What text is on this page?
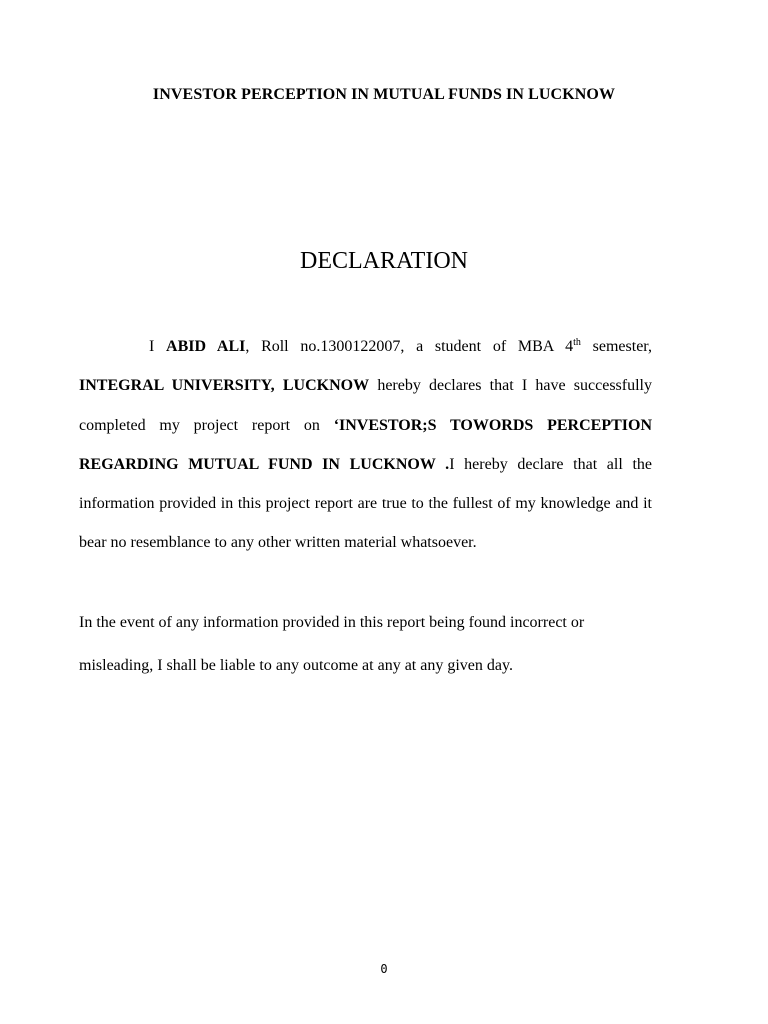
INVESTOR PERCEPTION IN MUTUAL FUNDS IN LUCKNOW
DECLARATION

I ABID ALI, Roll no.1300122007, a student of MBA 4th semester, INTEGRAL UNIVERSITY, LUCKNOW hereby declares that I have successfully completed my project report on ‘INVESTOR;S TOWORDS PERCEPTION REGARDING MUTUAL FUND IN LUCKNOW .I hereby declare that all the information provided in this project report are true to the fullest of my knowledge and it bear no resemblance to any other written material whatsoever.

In the event of any information provided in this report being found incorrect or misleading, I shall be liable to any outcome at any at any given day.

0
